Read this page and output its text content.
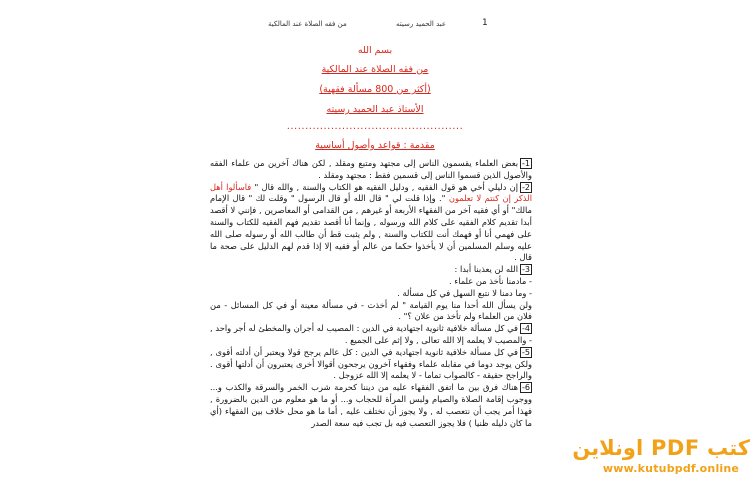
عبد الحميد رسيته
من فقه الصلاة عند المالكية	1
بسم الله
من فقه الصلاة عند المالكية
(أكثر من 800 مسألة فقهية)
الأستاذ عبد الحميد رسيته
................................................
مقدمة : قواعد وأصول أساسية

1-بعض العلماء يقسمون الناس إلى مجتهد ومتبع ومقلد , لكن هناك آخرين من علماء الفقه والأصول الذين قسموا الناس إلى قسمين فقط : مجتهد ومقلد .

2-إن دليلي أخي هو قول الفقيه , ودليل الفقيه هو الكتاب والسنة , والله قال " فاسألوا أهل الذكر إن كنتم لا تعلمون ". وإذا قلت لي " قال الله أو قال الرسول " وقلت لك " قال الإمام مالك" أو أي فقيه آخر من الفقهاء الأربعة أو غيرهم , من القدامى أو المعاصرين , فإنني لا أقصد أبدا تقديم كلام الفقيه على كلام الله ورسوله , وإنما أنا أقصد تقديم فهم الفقيه للكتاب والسنة على فهمي أنا أو فهمك أنت للكتاب والسنة , ولم يثبت قط أن طالب الله أو رسوله صلى الله عليه وسلم المسلمين أن لا يأخذوا حكما من عالم أو فقيه إلا إذا قدم لهم الدليل على صحة ما قال .

3-الله لن يعذبنا أبدا :

- مادمنا نأخذ من علماء .

- وما دمنا لا نتبع السهل في كل مسألة .

ولن يسأل الله أحدا منا يوم القيامة " لم أخذت - في مسألة معينة أو في كل المسائل - من فلان من العلماء ولم تأخذ من علان ؟" .

4-في كل مسألة خلافية ثانوية اجتهادية في الدين : المصيب له أجران والمخطئ له أجر واحد , - والمصيب لا يعلمه إلا الله تعالى , ولا إثم على الجميع .

5-في كل مسألة خلافية ثانوية اجتهادية في الدين : كل عالم يرجح قولا ويعتبر أن أدلته أقوى , ولكن يوجد دوما في مقابله علماء وفقهاء آخرون يرجحون أقوالا أخرى يعتبرون أن أدلتها أقوى . والراجح حقيقة - كالصواب تماما - لا يعلمه إلا الله عزوجل .

6-هناك فرق بين ما اتفق الفقهاء عليه من ديننا كحرمة شرب الخمر والسرقة والكذب و... ووجوب إقامة الصلاة والصيام ولبس المرأة للحجاب و... أو ما هو معلوم من الدين بالضرورة , فهذا أمر يجب أن نتعصب له , ولا يجوز أن نختلف عليه , أما ما هو محل خلاف بين الفقهاء (أي ما كان دليله ظنيا ) فلا يجوز التعصب فيه بل تجب فيه سعة الصدر

كتب PDF اونلاين
www.kutubpdf.online
